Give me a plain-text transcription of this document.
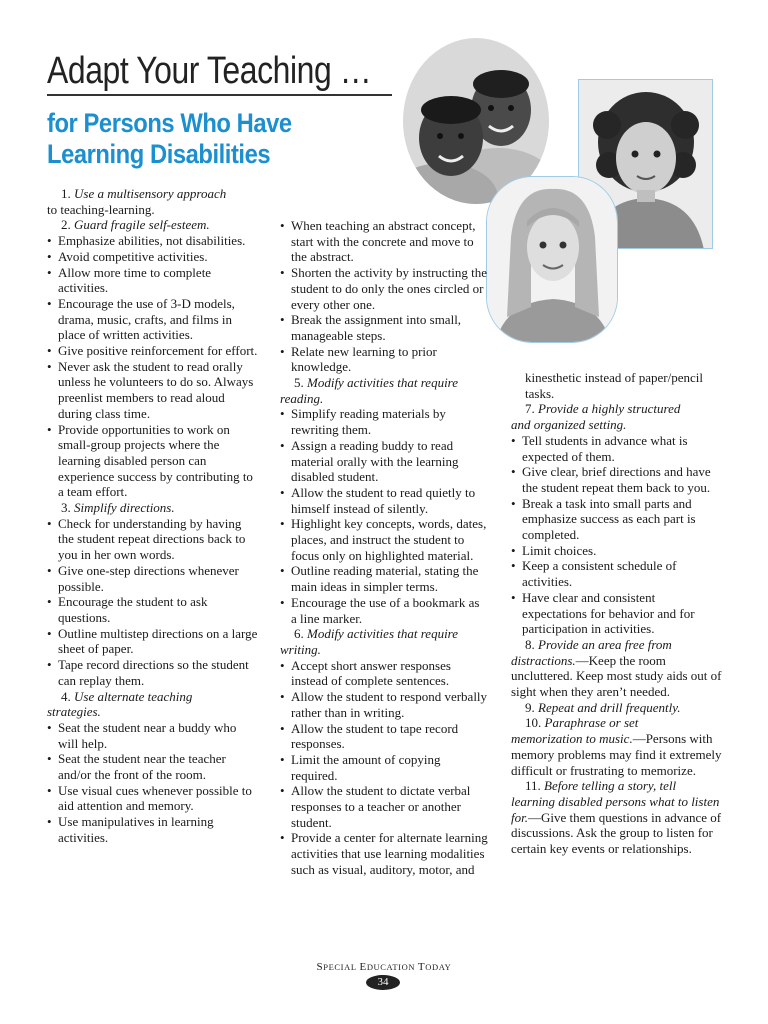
Adapt Your Teaching …
for Persons Who Have
Learning Disabilities

1. Use a multisensory approach

to teaching-learning.

2. Guard fragile self-esteem.

• Emphasize abilities, not disabilities.

• Avoid competitive activities.

• Allow more time to complete activities.

• Encourage the use of 3-D models, drama, music, crafts, and films in place of written activities.

• Give positive reinforcement for effort.

• Never ask the student to read orally unless he volunteers to do so. Always preenlist members to read aloud during class time.

• Provide opportunities to work on small-group projects where the learning disabled person can experience success by contributing to a team effort.

3. Simplify directions.

• Check for understanding by having the student repeat directions back to you in her own words.

• Give one-step directions whenever possible.

• Encourage the student to ask questions.

• Outline multistep directions on a large sheet of paper.

• Tape record directions so the student can replay them.

4. Use alternate teaching

strategies.

• Seat the student near a buddy who will help.

• Seat the student near the teacher and/or the front of the room.

• Use visual cues whenever possible to aid attention and memory.

• Use manipulatives in learning activities.

• When teaching an abstract concept, start with the concrete and move to the abstract.

• Shorten the activity by instructing the student to do only the ones circled or every other one.

• Break the assignment into small, manageable steps.

• Relate new learning to prior knowledge.

5. Modify activities that require

reading.

• Simplify reading materials by rewriting them.

• Assign a reading buddy to read material orally with the learning disabled student.

• Allow the student to read quietly to himself instead of silently.

• Highlight key concepts, words, dates, places, and instruct the student to focus only on highlighted material.

• Outline reading material, stating the main ideas in simpler terms.

• Encourage the use of a bookmark as a line marker.

6. Modify activities that require

writing.

• Accept short answer responses instead of complete sentences.

• Allow the student to respond verbally rather than in writing.

• Allow the student to tape record responses.

• Limit the amount of copying required.

• Allow the student to dictate verbal responses to a teacher or another student.

• Provide a center for alternate learning activities that use learning modalities such as visual, auditory, motor, and

kinesthetic instead of paper/pencil tasks.

7. Provide a highly structured

and organized setting.

• Tell students in advance what is expected of them.

• Give clear, brief directions and have the student repeat them back to you.

• Break a task into small parts and emphasize success as each part is completed.

• Limit choices.

• Keep a consistent schedule of activities.

• Have clear and consistent expectations for behavior and for participation in activities.

8. Provide an area free from

distractions.—Keep the room uncluttered. Keep most study aids out of sight when they aren’t needed.

9. Repeat and drill frequently.

10. Paraphrase or set

memorization to music.—Persons with memory problems may find it extremely difficult or frustrating to memorize.

11. Before telling a story, tell

learning disabled persons what to listen for.—Give them questions in advance of discussions. Ask the group to listen for certain key events or relationships.

SPECIAL EDUCATION TODAY
34
